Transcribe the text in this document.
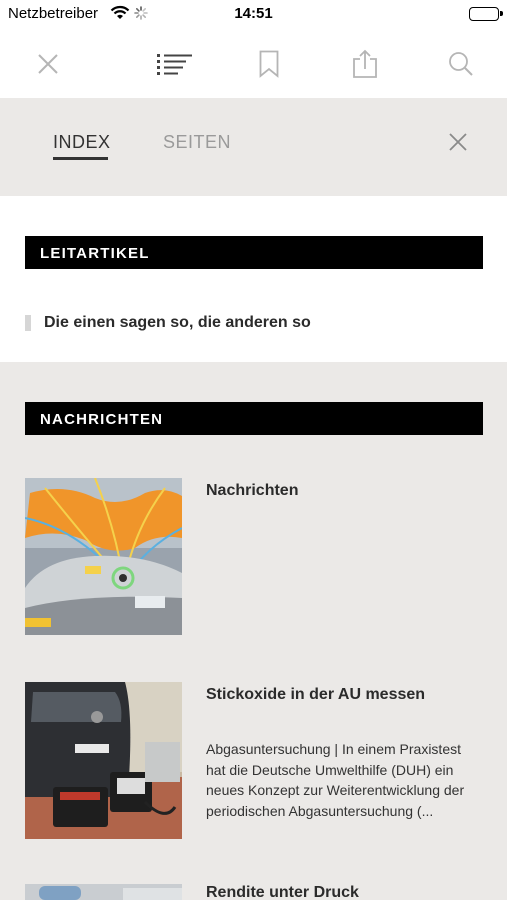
Netzbetreiber	14:51
INDEX	SEITEN
LEITARTIKEL
Die einen sagen so, die anderen so
NACHRICHTEN
Nachrichten
Stickoxide in der AU messen
Abgasuntersuchung | In einem Praxistest hat die Deutsche Umwelthilfe (DUH) ein neues Konzept zur Weiterentwicklung der periodischen Abgasuntersuchung (...
Rendite unter Druck
